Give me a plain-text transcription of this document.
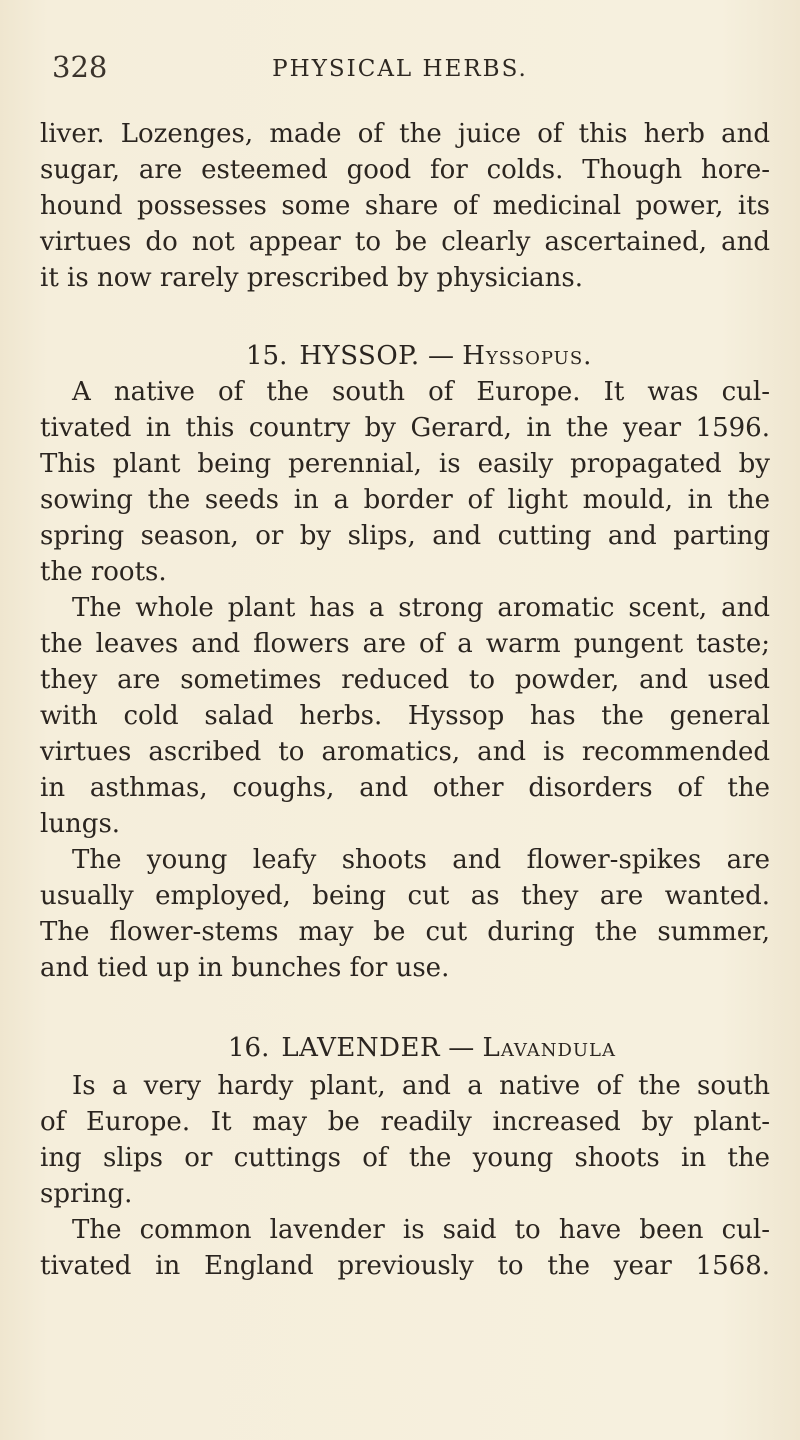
328	PHYSICAL HERBS.
liver. Lozenges, made of the juice of this herb and
sugar, are esteemed good for colds. Though hore-
hound possesses some share of medicinal power, its
virtues do not appear to be clearly ascertained, and
it is now rarely prescribed by physicians.
15. HYSSOP. — Hyssopus.
A native of the south of Europe. It was cul-
tivated in this country by Gerard, in the year 1596.
This plant being perennial, is easily propagated by
sowing the seeds in a border of light mould, in the
spring season, or by slips, and cutting and parting
the roots.
The whole plant has a strong aromatic scent, and
the leaves and flowers are of a warm pungent taste;
they are sometimes reduced to powder, and used
with cold salad herbs. Hyssop has the general
virtues ascribed to aromatics, and is recommended
in asthmas, coughs, and other disorders of the
lungs.
The young leafy shoots and flower-spikes are
usually employed, being cut as they are wanted.
The flower-stems may be cut during the summer,
and tied up in bunches for use.
16. LAVENDER — Lavandula
Is a very hardy plant, and a native of the south
of Europe. It may be readily increased by plant-
ing slips or cuttings of the young shoots in the
spring.
The common lavender is said to have been cul-
tivated in England previously to the year 1568.
